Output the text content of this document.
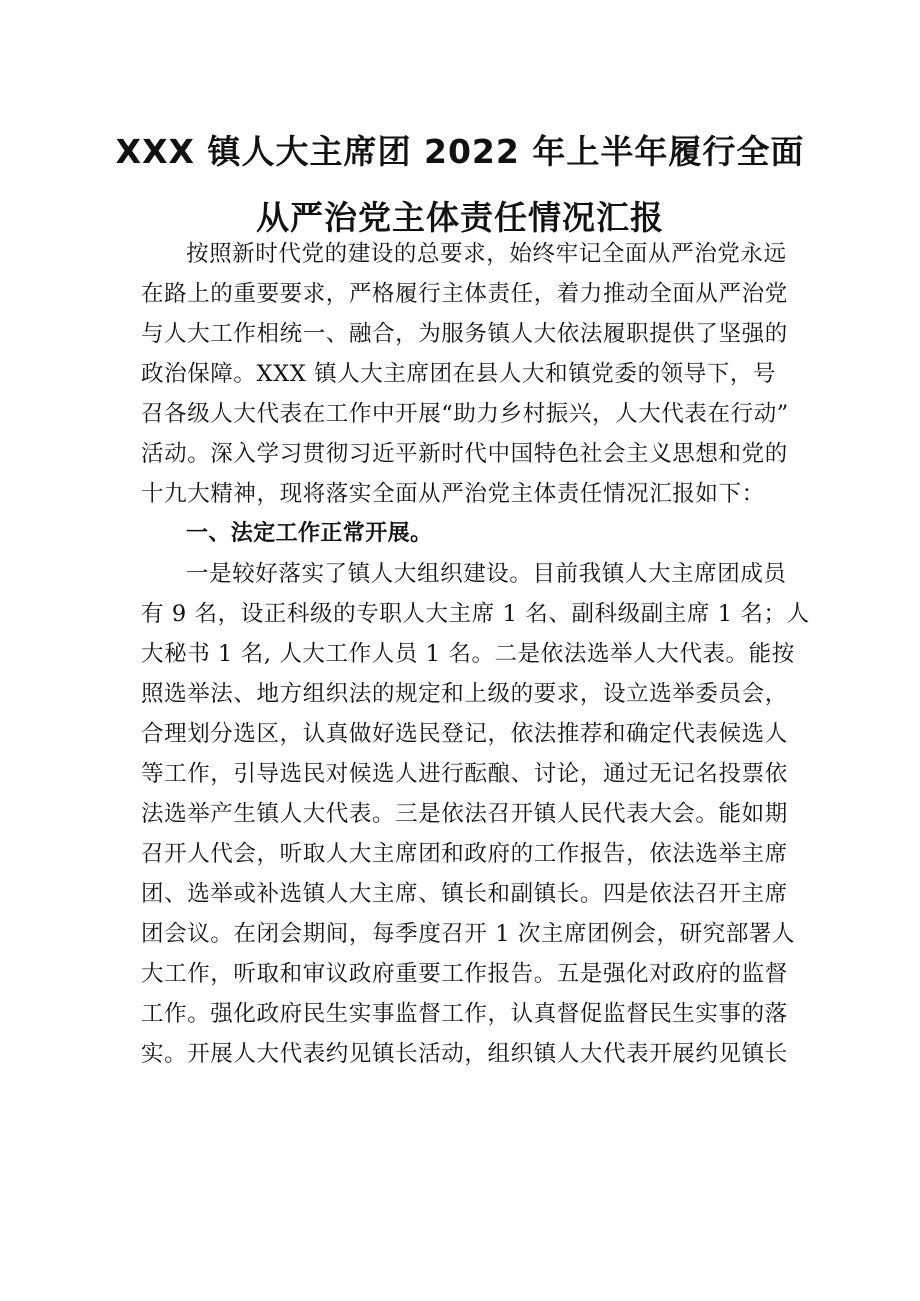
XXX 镇人大主席团 2022 年上半年履行全面
从严治党主体责任情况汇报

按照新时代党的建设的总要求，始终牢记全面从严治党永远
在路上的重要要求，严格履行主体责任，着力推动全面从严治党
与人大工作相统一、融合，为服务镇人大依法履职提供了坚强的
政治保障。XXX 镇人大主席团在县人大和镇党委的领导下，号
召各级人大代表在工作中开展“助力乡村振兴，人大代表在行动”
活动。深入学习贯彻习近平新时代中国特色社会主义思想和党的
十九大精神，现将落实全面从严治党主体责任情况汇报如下：

一、法定工作正常开展。

一是较好落实了镇人大组织建设。目前我镇人大主席团成员
有 9 名，设正科级的专职人大主席 1 名、副科级副主席 1 名；人
大秘书 1 名, 人大工作人员 1 名。二是依法选举人大代表。能按
照选举法、地方组织法的规定和上级的要求，设立选举委员会，
合理划分选区，认真做好选民登记，依法推荐和确定代表候选人
等工作，引导选民对候选人进行酝酿、讨论，通过无记名投票依
法选举产生镇人大代表。三是依法召开镇人民代表大会。能如期
召开人代会，听取人大主席团和政府的工作报告，依法选举主席
团、选举或补选镇人大主席、镇长和副镇长。四是依法召开主席
团会议。在闭会期间，每季度召开 1 次主席团例会，研究部署人
大工作，听取和审议政府重要工作报告。五是强化对政府的监督
工作。强化政府民生实事监督工作，认真督促监督民生实事的落
实。开展人大代表约见镇长活动，组织镇人大代表开展约见镇长
